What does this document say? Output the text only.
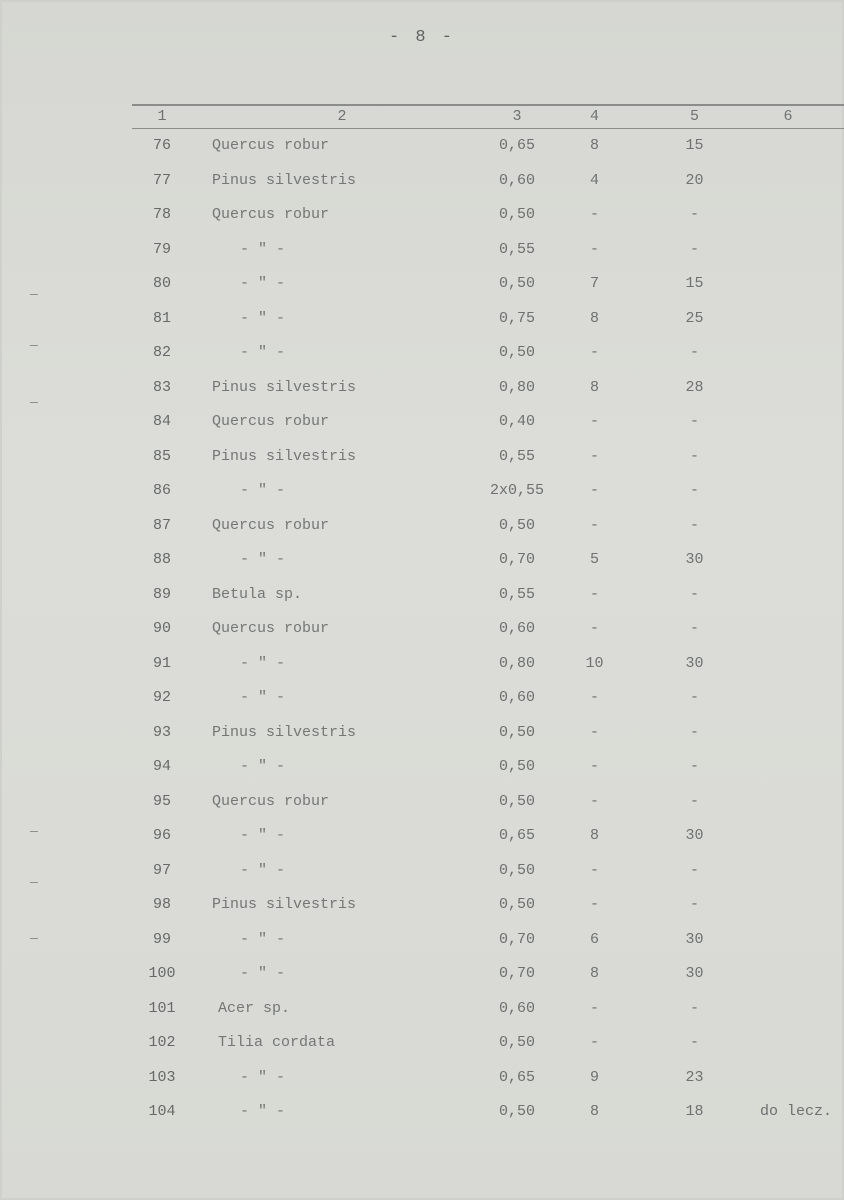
- 8 -
1	2	3	4	5	6
76	Quercus robur	0,65	8	15
77	Pinus silvestris	0,60	4	20
78	Quercus robur	0,50	-	-
79	- " -	0,55	-	-
80	- " -	0,50	7	15
81	- " -	0,75	8	25
82	- " -	0,50	-	-
83	Pinus silvestris	0,80	8	28
84	Quercus robur	0,40	-	-
85	Pinus silvestris	0,55	-	-
86	- " -	2x0,55	-	-
87	Quercus robur	0,50	-	-
88	- " -	0,70	5	30
89	Betula sp.	0,55	-	-
90	Quercus robur	0,60	-	-
91	- " -	0,80	10	30
92	- " -	0,60	-	-
93	Pinus silvestris	0,50	-	-
94	- " -	0,50	-	-
95	Quercus robur	0,50	-	-
96	- " -	0,65	8	30
97	- " -	0,50	-	-
98	Pinus silvestris	0,50	-	-
99	- " -	0,70	6	30
100	- " -	0,70	8	30
101	Acer sp.	0,60	-	-
102	Tilia cordata	0,50	-	-
103	- " -	0,65	9	23
104	- " -	0,50	8	18	do lecz.
